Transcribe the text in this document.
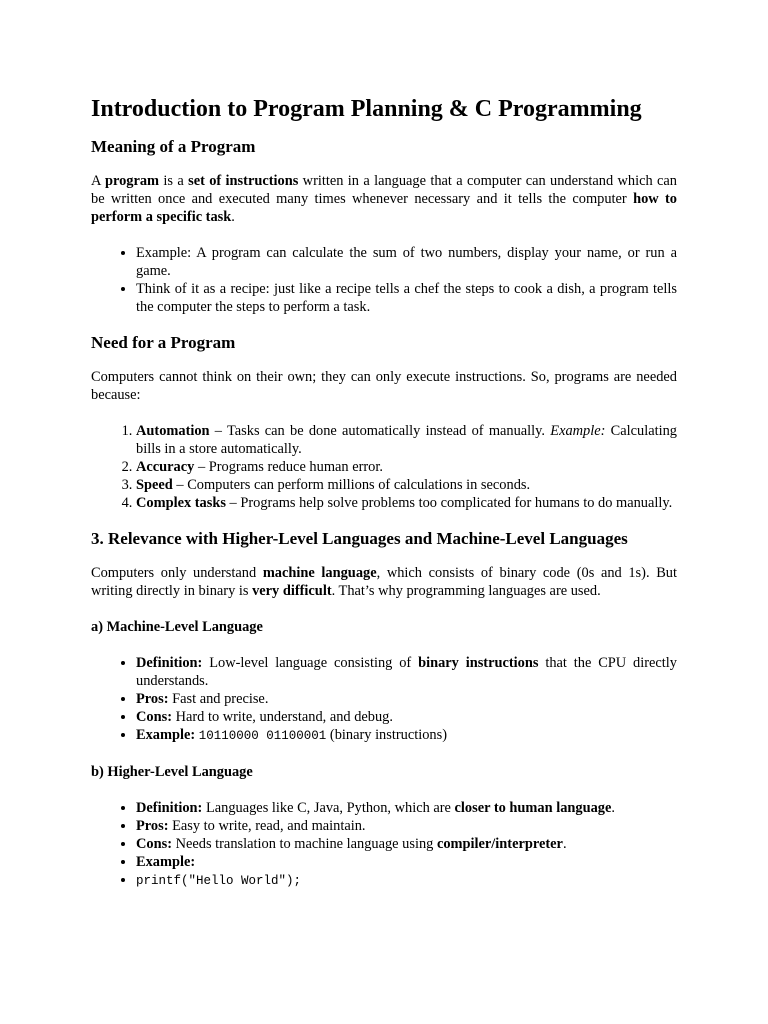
Introduction to Program Planning & C Programming
Meaning of a Program

A program is a set of instructions written in a language that a computer can understand which can be written once and executed many times whenever necessary and it tells the computer how to perform a specific task.

• Example: A program can calculate the sum of two numbers, display your name, or run a game.
• Think of it as a recipe: just like a recipe tells a chef the steps to cook a dish, a program tells the computer the steps to perform a task.
Need for a Program

Computers cannot think on their own; they can only execute instructions. So, programs are needed because:

1. Automation – Tasks can be done automatically instead of manually. Example: Calculating bills in a store automatically.
2. Accuracy – Programs reduce human error.
3. Speed – Computers can perform millions of calculations in seconds.
4. Complex tasks – Programs help solve problems too complicated for humans to do manually.
3. Relevance with Higher-Level Languages and Machine-Level Languages

Computers only understand machine language, which consists of binary code (0s and 1s). But writing directly in binary is very difficult. That’s why programming languages are used.

a) Machine-Level Language
• Definition: Low-level language consisting of binary instructions that the CPU directly understands.
• Pros: Fast and precise.
• Cons: Hard to write, understand, and debug.
• Example: 10110000 01100001 (binary instructions)
b) Higher-Level Language
• Definition: Languages like C, Java, Python, which are closer to human language.
• Pros: Easy to write, read, and maintain.
• Cons: Needs translation to machine language using compiler/interpreter.
• Example:
• printf("Hello World");
